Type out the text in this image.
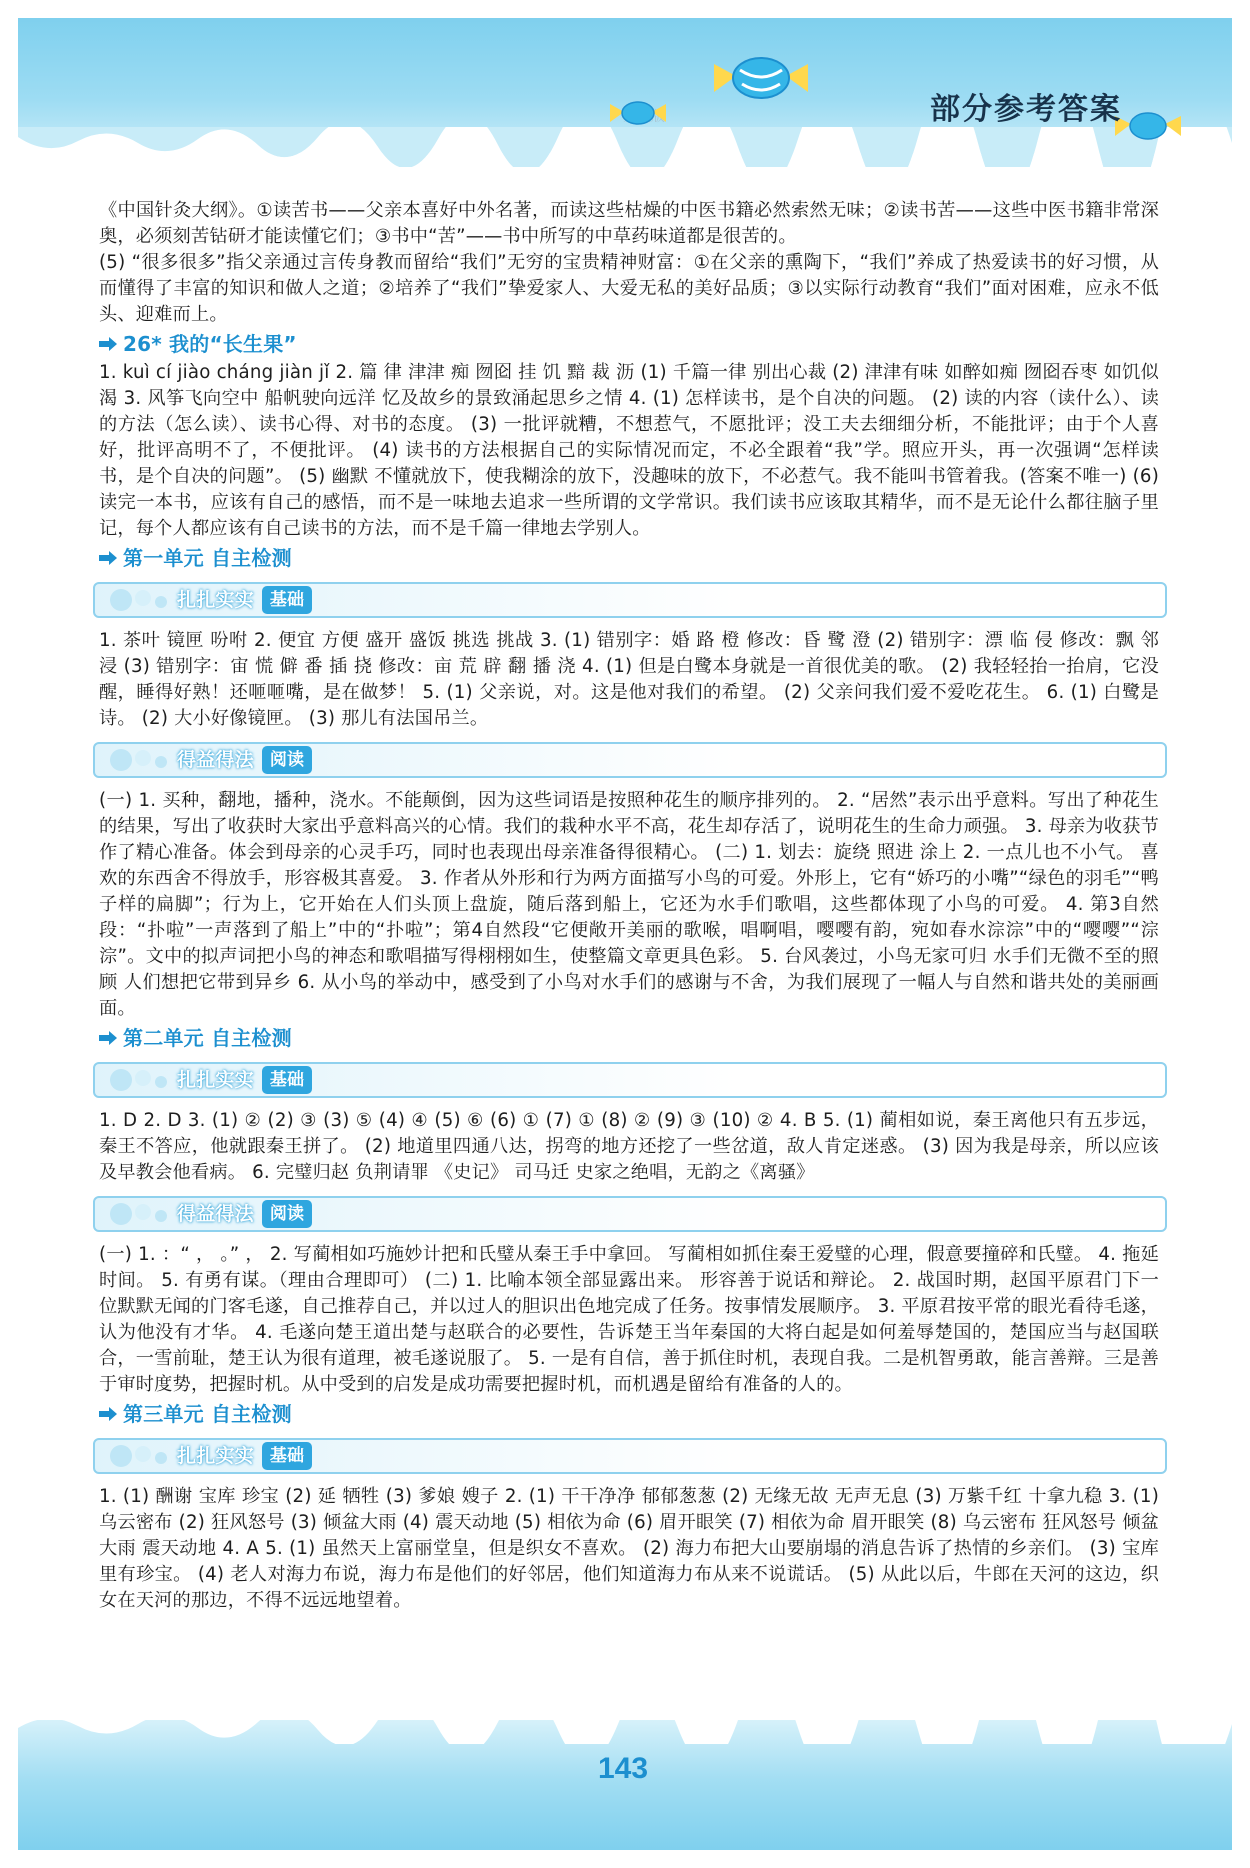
部分参考答案

《中国针灸大纲》。①读苦书——父亲本喜好中外名著，而读这些枯燥的中医书籍必然索然无味；②读书苦——这些中医书籍非常深奥，必须刻苦钻研才能读懂它们；③书中“苦”——书中所写的中草药味道都是很苦的。

(5) “很多很多”指父亲通过言传身教而留给“我们”无穷的宝贵精神财富：①在父亲的熏陶下，“我们”养成了热爱读书的好习惯，从而懂得了丰富的知识和做人之道；②培养了“我们”挚爱家人、大爱无私的美好品质；③以实际行动教育“我们”面对困难，应永不低头、迎难而上。

26* 我的“长生果”

1. kuì cí jiào cháng jiàn jǐ 2. 篇 律 津津 痴 囫囵 挂 饥 黯 裁 沥 (1) 千篇一律 别出心裁 (2) 津津有味 如醉如痴 囫囵吞枣 如饥似渴 3. 风筝飞向空中 船帆驶向远洋 忆及故乡的景致涌起思乡之情 4. (1) 怎样读书，是个自决的问题。 (2) 读的内容（读什么）、读的方法（怎么读）、读书心得、对书的态度。 (3) 一批评就糟，不想惹气，不愿批评；没工夫去细细分析，不能批评；由于个人喜好，批评高明不了，不便批评。 (4) 读书的方法根据自己的实际情况而定，不必全跟着“我”学。照应开头，再一次强调“怎样读书，是个自决的问题”。 (5) 幽默 不懂就放下，使我糊涂的放下，没趣味的放下，不必惹气。我不能叫书管着我。(答案不唯一) (6) 读完一本书，应该有自己的感悟，而不是一味地去追求一些所谓的文学常识。我们读书应该取其精华，而不是无论什么都往脑子里记，每个人都应该有自己读书的方法，而不是千篇一律地去学别人。

第一单元 自主检测
扎扎实实 基础

1. 茶叶 镜匣 吩咐 2. 便宜 方便 盛开 盛饭 挑选 挑战 3. (1) 错别字：婚 路 橙 修改：昏 鹭 澄 (2) 错别字：漂 临 侵 修改：飘 邻 浸 (3) 错别字：宙 慌 僻 番 插 挠 修改：亩 荒 辟 翻 播 浇 4. (1) 但是白鹭本身就是一首很优美的歌。 (2) 我轻轻抬一抬肩，它没醒，睡得好熟！还咂咂嘴，是在做梦！ 5. (1) 父亲说，对。这是他对我们的希望。 (2) 父亲问我们爱不爱吃花生。 6. (1) 白鹭是诗。 (2) 大小好像镜匣。 (3) 那儿有法国吊兰。

得益得法 阅读

(一) 1. 买种，翻地，播种，浇水。不能颠倒，因为这些词语是按照种花生的顺序排列的。 2. “居然”表示出乎意料。写出了种花生的结果，写出了收获时大家出乎意料高兴的心情。我们的栽种水平不高，花生却存活了，说明花生的生命力顽强。 3. 母亲为收获节作了精心准备。体会到母亲的心灵手巧，同时也表现出母亲准备得很精心。 (二) 1. 划去：旋绕 照进 涂上 2. 一点儿也不小气。 喜欢的东西舍不得放手，形容极其喜爱。 3. 作者从外形和行为两方面描写小鸟的可爱。外形上，它有“娇巧的小嘴”“绿色的羽毛”“鸭子样的扁脚”；行为上，它开始在人们头顶上盘旋，随后落到船上，它还为水手们歌唱，这些都体现了小鸟的可爱。 4. 第3自然段：“扑啦”一声落到了船上”中的“扑啦”；第4自然段“它便敞开美丽的歌喉，唱啊唱，嘤嘤有韵，宛如春水淙淙”中的“嘤嘤”“淙淙”。文中的拟声词把小鸟的神态和歌唱描写得栩栩如生，使整篇文章更具色彩。 5. 台风袭过，小鸟无家可归 水手们无微不至的照顾 人们想把它带到异乡 6. 从小鸟的举动中，感受到了小鸟对水手们的感谢与不舍，为我们展现了一幅人与自然和谐共处的美丽画面。

第二单元 自主检测
扎扎实实 基础

1. D 2. D 3. (1) ② (2) ③ (3) ⑤ (4) ④ (5) ⑥ (6) ① (7) ① (8) ② (9) ③ (10) ② 4. B 5. (1) 蔺相如说，秦王离他只有五步远，秦王不答应，他就跟秦王拼了。 (2) 地道里四通八达，拐弯的地方还挖了一些岔道，敌人肯定迷惑。 (3) 因为我是母亲，所以应该及早教会他看病。 6. 完璧归赵 负荆请罪 《史记》 司马迁 史家之绝唱，无韵之《离骚》

得益得法 阅读

(一) 1. ：“ ， 。” ， 2. 写蔺相如巧施妙计把和氏璧从秦王手中拿回。 写蔺相如抓住秦王爱璧的心理，假意要撞碎和氏璧。 4. 拖延时间。 5. 有勇有谋。（理由合理即可） (二) 1. 比喻本领全部显露出来。 形容善于说话和辩论。 2. 战国时期，赵国平原君门下一位默默无闻的门客毛遂，自己推荐自己，并以过人的胆识出色地完成了任务。按事情发展顺序。 3. 平原君按平常的眼光看待毛遂，认为他没有才华。 4. 毛遂向楚王道出楚与赵联合的必要性，告诉楚王当年秦国的大将白起是如何羞辱楚国的，楚国应当与赵国联合，一雪前耻，楚王认为很有道理，被毛遂说服了。 5. 一是有自信，善于抓住时机，表现自我。二是机智勇敢，能言善辩。三是善于审时度势，把握时机。从中受到的启发是成功需要把握时机，而机遇是留给有准备的人的。

第三单元 自主检测
扎扎实实 基础

1. (1) 酬谢 宝库 珍宝 (2) 延 牺牲 (3) 爹娘 嫂子 2. (1) 干干净净 郁郁葱葱 (2) 无缘无故 无声无息 (3) 万紫千红 十拿九稳 3. (1) 乌云密布 (2) 狂风怒号 (3) 倾盆大雨 (4) 震天动地 (5) 相依为命 (6) 眉开眼笑 (7) 相依为命 眉开眼笑 (8) 乌云密布 狂风怒号 倾盆大雨 震天动地 4. A 5. (1) 虽然天上富丽堂皇，但是织女不喜欢。 (2) 海力布把大山要崩塌的消息告诉了热情的乡亲们。 (3) 宝库里有珍宝。 (4) 老人对海力布说，海力布是他们的好邻居，他们知道海力布从来不说谎话。 (5) 从此以后，牛郎在天河的这边，织女在天河的那边，不得不远远地望着。

143
